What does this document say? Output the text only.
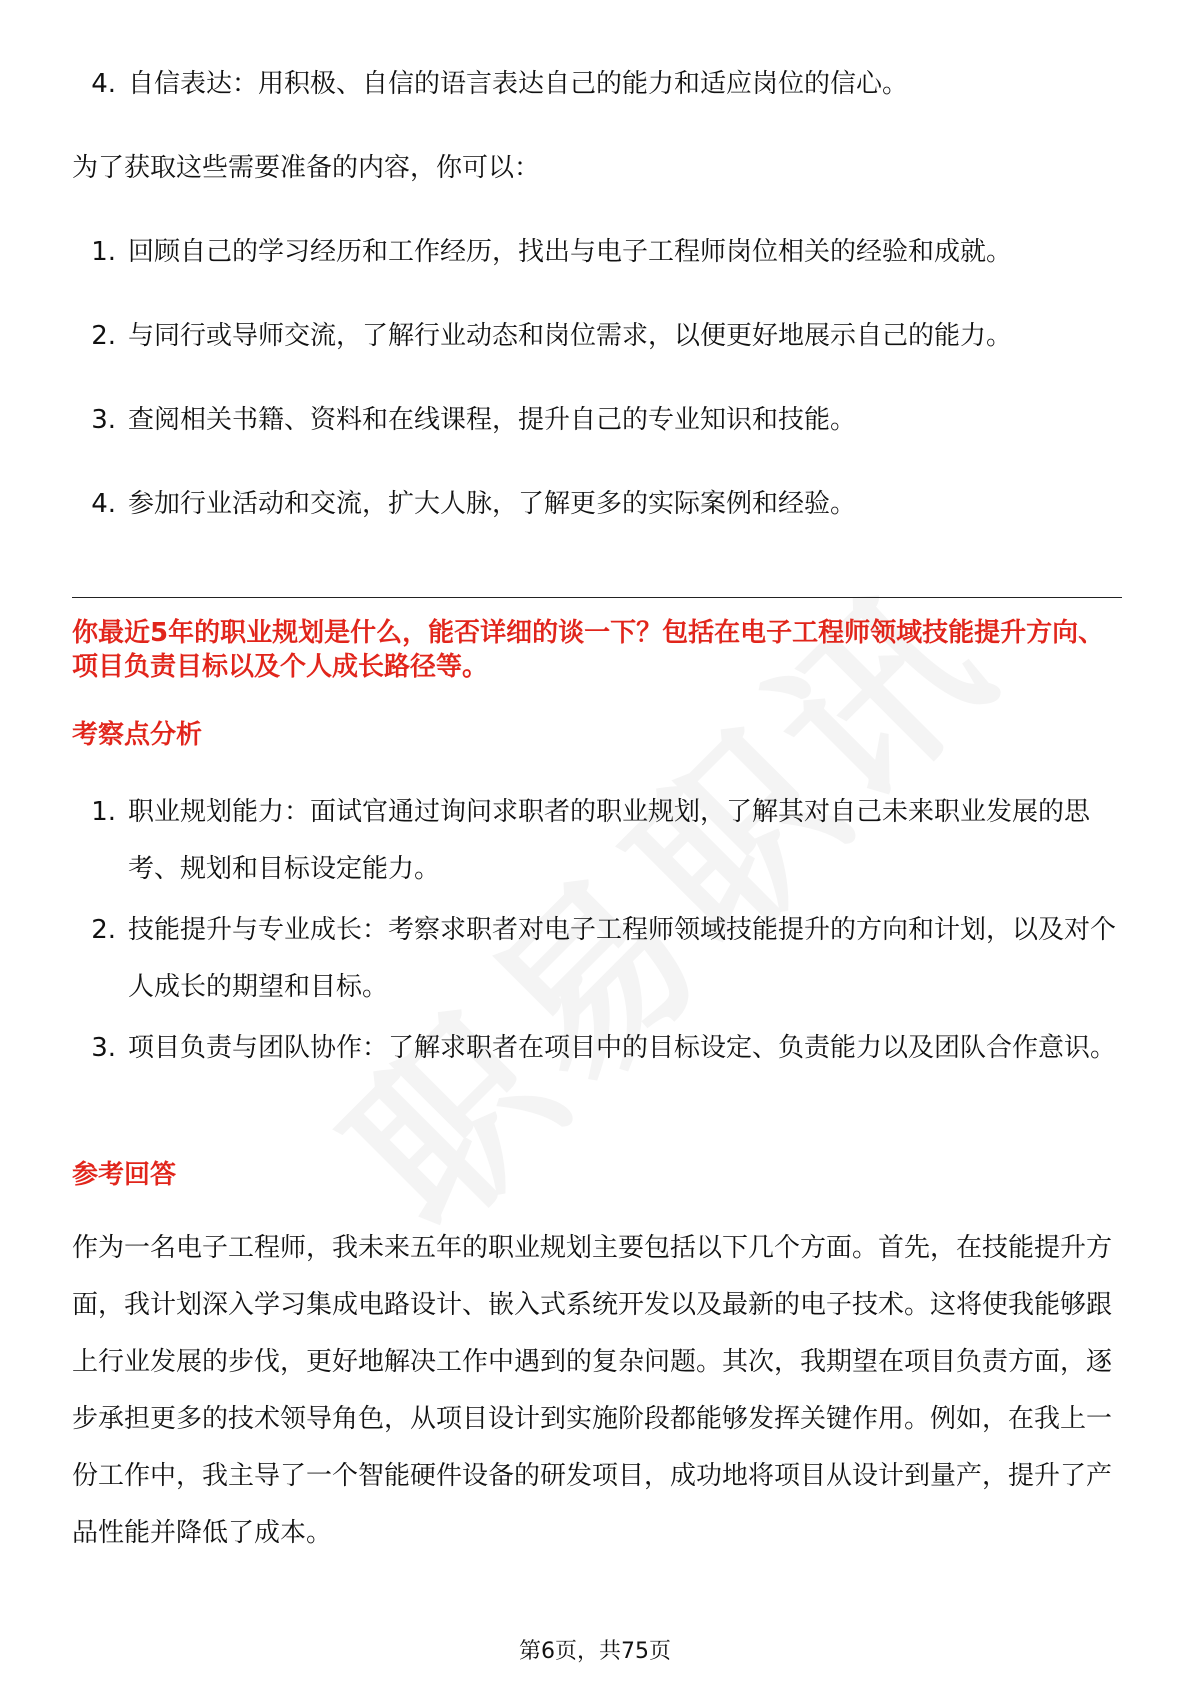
4. 自信表达：用积极、自信的语言表达自己的能力和适应岗位的信心。

为了获取这些需要准备的内容，你可以：

1. 回顾自己的学习经历和工作经历，找出与电子工程师岗位相关的经验和成就。
2. 与同行或导师交流，了解行业动态和岗位需求，以便更好地展示自己的能力。
3. 查阅相关书籍、资料和在线课程，提升自己的专业知识和技能。
4. 参加行业活动和交流，扩大人脉，了解更多的实际案例和经验。
你最近5年的职业规划是什么，能否详细的谈一下？包括在电子工程师领域技能提升方向、项目负责目标以及个人成长路径等。
考察点分析
1. 职业规划能力：面试官通过询问求职者的职业规划，了解其对自己未来职业发展的思考、规划和目标设定能力。
2. 技能提升与专业成长：考察求职者对电子工程师领域技能提升的方向和计划，以及对个人成长的期望和目标。
3. 项目负责与团队协作：了解求职者在项目中的目标设定、负责能力以及团队合作意识。
参考回答

作为一名电子工程师，我未来五年的职业规划主要包括以下几个方面。首先，在技能提升方面，我计划深入学习集成电路设计、嵌入式系统开发以及最新的电子技术。这将使我能够跟上行业发展的步伐，更好地解决工作中遇到的复杂问题。其次，我期望在项目负责方面，逐步承担更多的技术领导角色，从项目设计到实施阶段都能够发挥关键作用。例如，在我上一份工作中，我主导了一个智能硬件设备的研发项目，成功地将项目从设计到量产，提升了产品性能并降低了成本。

第6页，共75页
